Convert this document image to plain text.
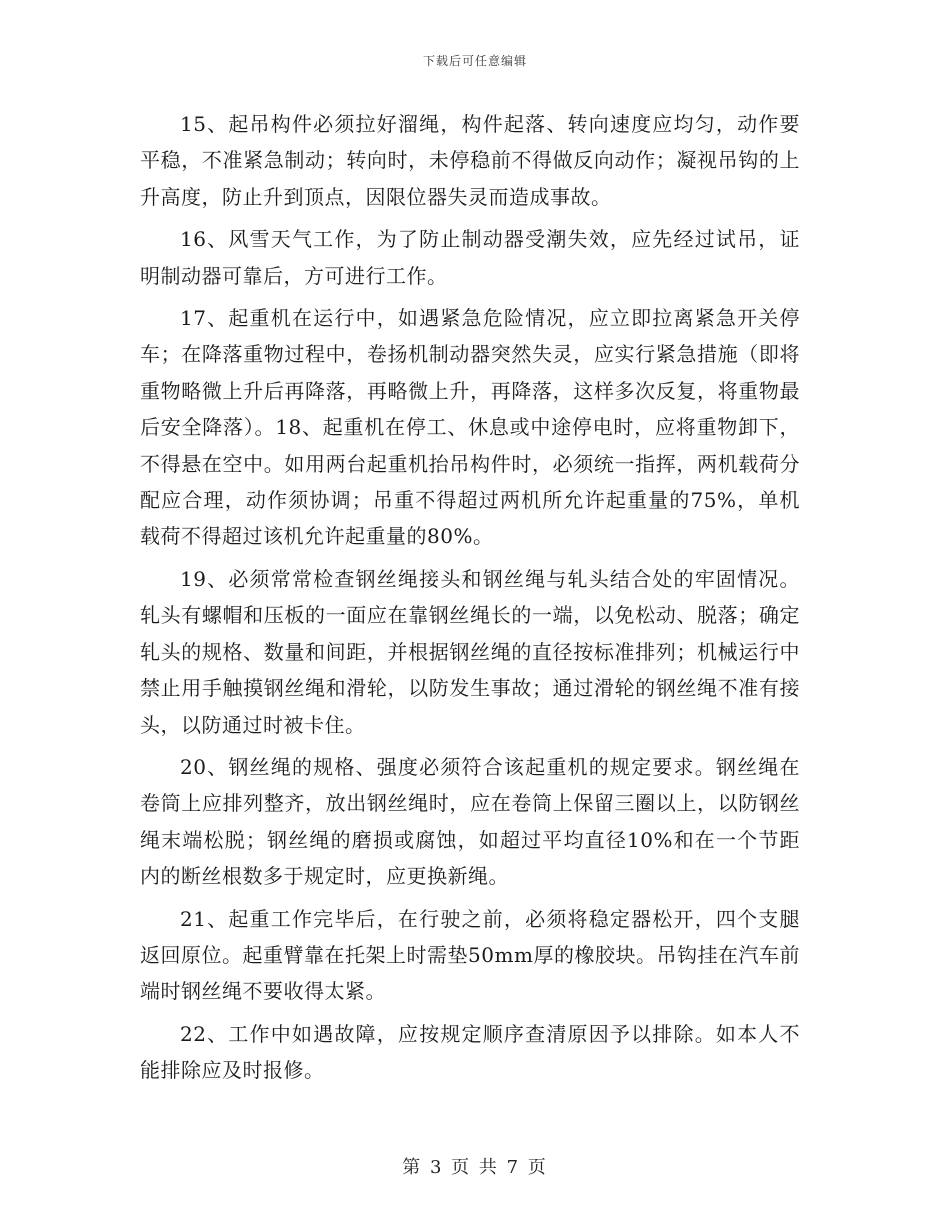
下载后可任意编辑

15、起吊构件必须拉好溜绳，构件起落、转向速度应均匀，动作要平稳，不准紧急制动；转向时，未停稳前不得做反向动作；凝视吊钩的上升高度，防止升到顶点，因限位器失灵而造成事故。

16、风雪天气工作，为了防止制动器受潮失效，应先经过试吊，证明制动器可靠后，方可进行工作。

17、起重机在运行中，如遇紧急危险情况，应立即拉离紧急开关停车；在降落重物过程中，卷扬机制动器突然失灵，应实行紧急措施（即将重物略微上升后再降落，再略微上升，再降落，这样多次反复，将重物最后安全降落）。18、起重机在停工、休息或中途停电时，应将重物卸下，不得悬在空中。如用两台起重机抬吊构件时，必须统一指挥，两机载荷分配应合理，动作须协调；吊重不得超过两机所允许起重量的75%，单机载荷不得超过该机允许起重量的80%。

19、必须常常检查钢丝绳接头和钢丝绳与轧头结合处的牢固情况。轧头有螺帽和压板的一面应在靠钢丝绳长的一端，以免松动、脱落；确定轧头的规格、数量和间距，并根据钢丝绳的直径按标准排列；机械运行中禁止用手触摸钢丝绳和滑轮，以防发生事故；通过滑轮的钢丝绳不准有接头，以防通过时被卡住。

20、钢丝绳的规格、强度必须符合该起重机的规定要求。钢丝绳在卷筒上应排列整齐，放出钢丝绳时，应在卷筒上保留三圈以上，以防钢丝绳末端松脱；钢丝绳的磨损或腐蚀，如超过平均直径10%和在一个节距内的断丝根数多于规定时，应更换新绳。

21、起重工作完毕后，在行驶之前，必须将稳定器松开，四个支腿返回原位。起重臂靠在托架上时需垫50mm厚的橡胶块。吊钩挂在汽车前端时钢丝绳不要收得太紧。

22、工作中如遇故障，应按规定顺序查清原因予以排除。如本人不能排除应及时报修。

第 3 页 共 7 页
